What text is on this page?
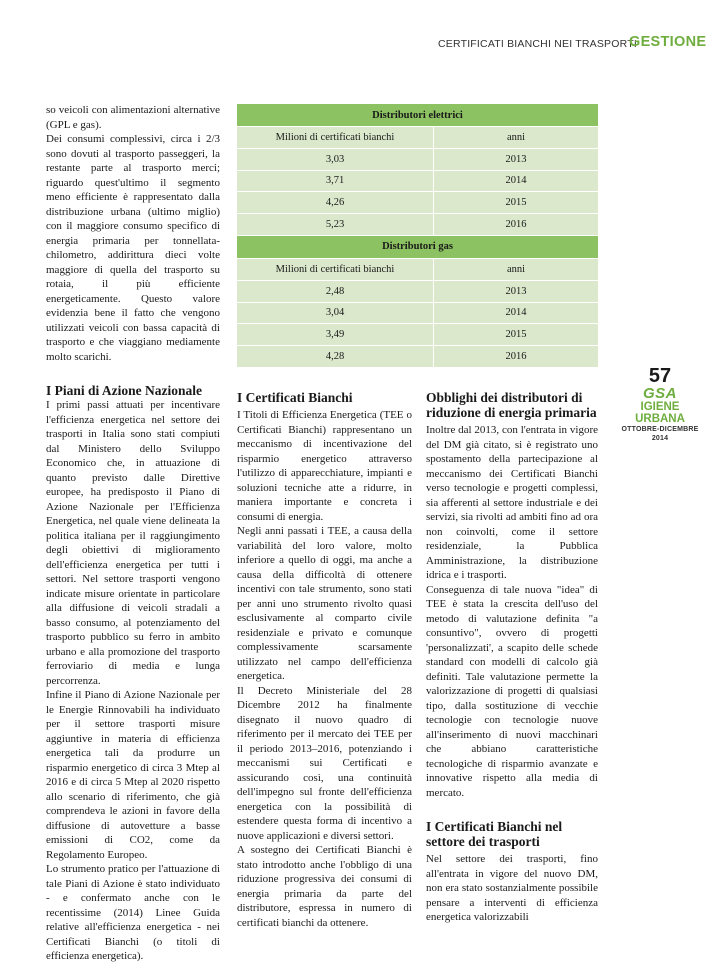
CERTIFICATI BIANCHI NEI TRASPORTI
GESTIONE

so veicoli con alimentazioni alternative (GPL e gas).

Dei consumi complessivi, circa i 2/3 sono dovuti al trasporto passeggeri, la restante parte al trasporto merci; riguardo quest'ultimo il segmento meno efficiente è rappresentato dalla distribuzione urbana (ultimo miglio) con il maggiore consumo specifico di energia primaria per tonnellata-chilometro, addirittura dieci volte maggiore di quella del trasporto su rotaia, il più efficiente energeticamente. Questo valore evidenzia bene il fatto che vengono utilizzati veicoli con bassa capacità di trasporto e che viaggiano mediamente molto scarichi.

I Piani di Azione Nazionale

I primi passi attuati per incentivare l'efficienza energetica nel settore dei trasporti in Italia sono stati compiuti dal Ministero dello Sviluppo Economico che, in attuazione di quanto previsto dalle Direttive europee, ha predisposto il Piano di Azione Nazionale per l'Efficienza Energetica, nel quale viene delineata la politica italiana per il raggiungimento degli obiettivi di miglioramento dell'efficienza energetica per tutti i settori. Nel settore trasporti vengono indicate misure orientate in particolare alla diffusione di veicoli stradali a basso consumo, al potenziamento del trasporto pubblico su ferro in ambito urbano e alla promozione del trasporto ferroviario di media e lunga percorrenza.

Infine il Piano di Azione Nazionale per le Energie Rinnovabili ha individuato per il settore trasporti misure aggiuntive in materia di efficienza energetica tali da produrre un risparmio energetico di circa 3 Mtep al 2016 e di circa 5 Mtep al 2020 rispetto allo scenario di riferimento, che già comprendeva le azioni in favore della diffusione di autovetture a basse emissioni di CO2, come da Regolamento Europeo.

Lo strumento pratico per l'attuazione di tale Piani di Azione è stato individuato - e confermato anche con le recentissime (2014) Linee Guida relative all'efficienza energetica - nei Certificati Bianchi (o titoli di efficienza energetica).

Distributori elettrici	
Milioni di certificati bianchi	anni
3,03	2013
3,71	2014
4,26	2015
5,23	2016
Distributori gas	
Milioni di certificati bianchi	anni
2,48	2013
3,04	2014
3,49	2015
4,28	2016
I Certificati Bianchi

I Titoli di Efficienza Energetica (TEE o Certificati Bianchi) rappresentano un meccanismo di incentivazione del risparmio energetico attraverso l'utilizzo di apparecchiature, impianti e soluzioni tecniche atte a ridurre, in maniera importante e concreta i consumi di energia.

Negli anni passati i TEE, a causa della variabilità del loro valore, molto inferiore a quello di oggi, ma anche a causa della difficoltà di ottenere incentivi con tale strumento, sono stati per anni uno strumento rivolto quasi esclusivamente al comparto civile residenziale e privato e comunque complessivamente scarsamente utilizzato nel campo dell'efficienza energetica.

Il Decreto Ministeriale del 28 Dicembre 2012 ha finalmente disegnato il nuovo quadro di riferimento per il mercato dei TEE per il periodo 2013–2016, potenziando i meccanismi sui Certificati e assicurando così, una continuità dell'impegno sul fronte dell'efficienza energetica con la possibilità di estendere questa forma di incentivo a nuove applicazioni e diversi settori.

A sostegno dei Certificati Bianchi è stato introdotto anche l'obbligo di una riduzione progressiva dei consumi di energia primaria da parte del distributore, espressa in numero di certificati bianchi da ottenere.

Obblighi dei distributori di riduzione di energia primaria

Inoltre dal 2013, con l'entrata in vigore del DM già citato, si è registrato uno spostamento della partecipazione al meccanismo dei Certificati Bianchi verso tecnologie e progetti complessi, sia afferenti al settore industriale e dei servizi, sia rivolti ad ambiti fino ad ora non coinvolti, come il settore residenziale, la Pubblica Amministrazione, la distribuzione idrica e i trasporti.

Conseguenza di tale nuova "idea" di TEE è stata la crescita dell'uso del metodo di valutazione definita "a consuntivo", ovvero di progetti 'personalizzati', a scapito delle schede standard con modelli di calcolo già definiti. Tale valutazione permette la valorizzazione di progetti di qualsiasi tipo, dalla sostituzione di vecchie tecnologie con tecnologie nuove all'inserimento di nuovi macchinari che abbiano caratteristiche tecnologiche di risparmio avanzate e innovative rispetto alla media di mercato.

I Certificati Bianchi nel settore dei trasporti

Nel settore dei trasporti, fino all'entrata in vigore del nuovo DM, non era stato sostanzialmente possibile pensare a interventi di efficienza energetica valorizzabili

57
GSA
IGIENE URBANA
OTTOBRE-DICEMBRE 2014
